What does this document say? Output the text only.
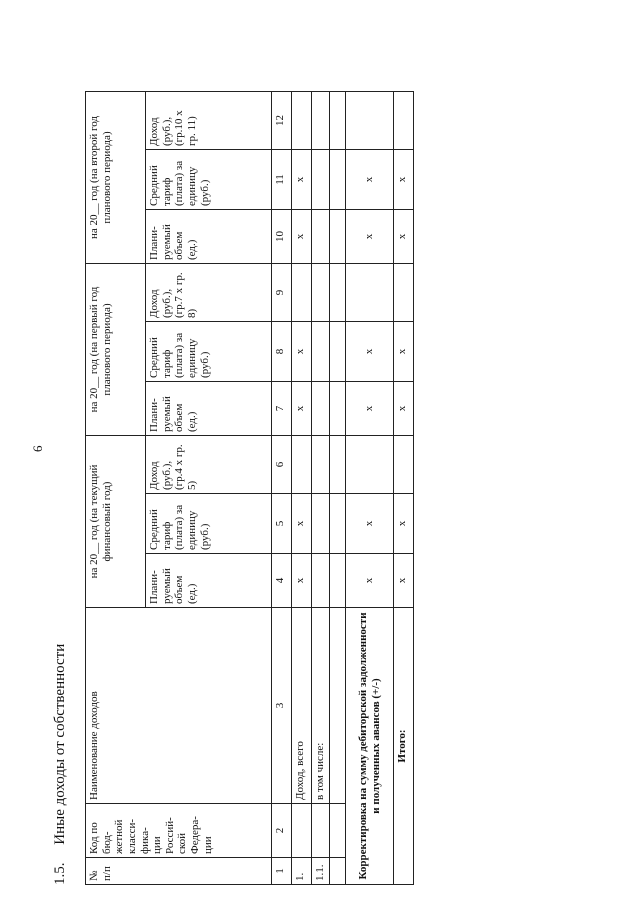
6
1.5. Иные доходы от собственности
№ п/п	Код по бюд- жетной класси- фика- ции Россий- ской Федера- ции	Наименование доходов	на 20__ год (на текущий финансовый год)			на 20__ год (на первый год планового периода)			на 20__ год (на второй год планового периода)		
			Плани- руемый объем (ед.)	Средний тариф (плата) за единицу (руб.)	Доход (руб.), (гр.4 х гр. 5)	Плани- руемый объем (ед.)	Средний тариф (плата) за единицу (руб.)	Доход (руб.), (гр.7 х гр. 8)	Плани- руемый объем (ед.)	Средний тариф (плата) за единицу (руб.)	Доход (руб.), (гр.10 х гр. 11)
1	2	3	4	5	6	7	8	9	10	11	12
1.		Доход, всего	x	x		x	x		x	x	
1.1.		в том числе:									

Корректировка на сумму дебиторской задолженности и полученных авансов (+/-)			x	x		x	x		x	x	
Итого:			x	x		x	x		x	x	
